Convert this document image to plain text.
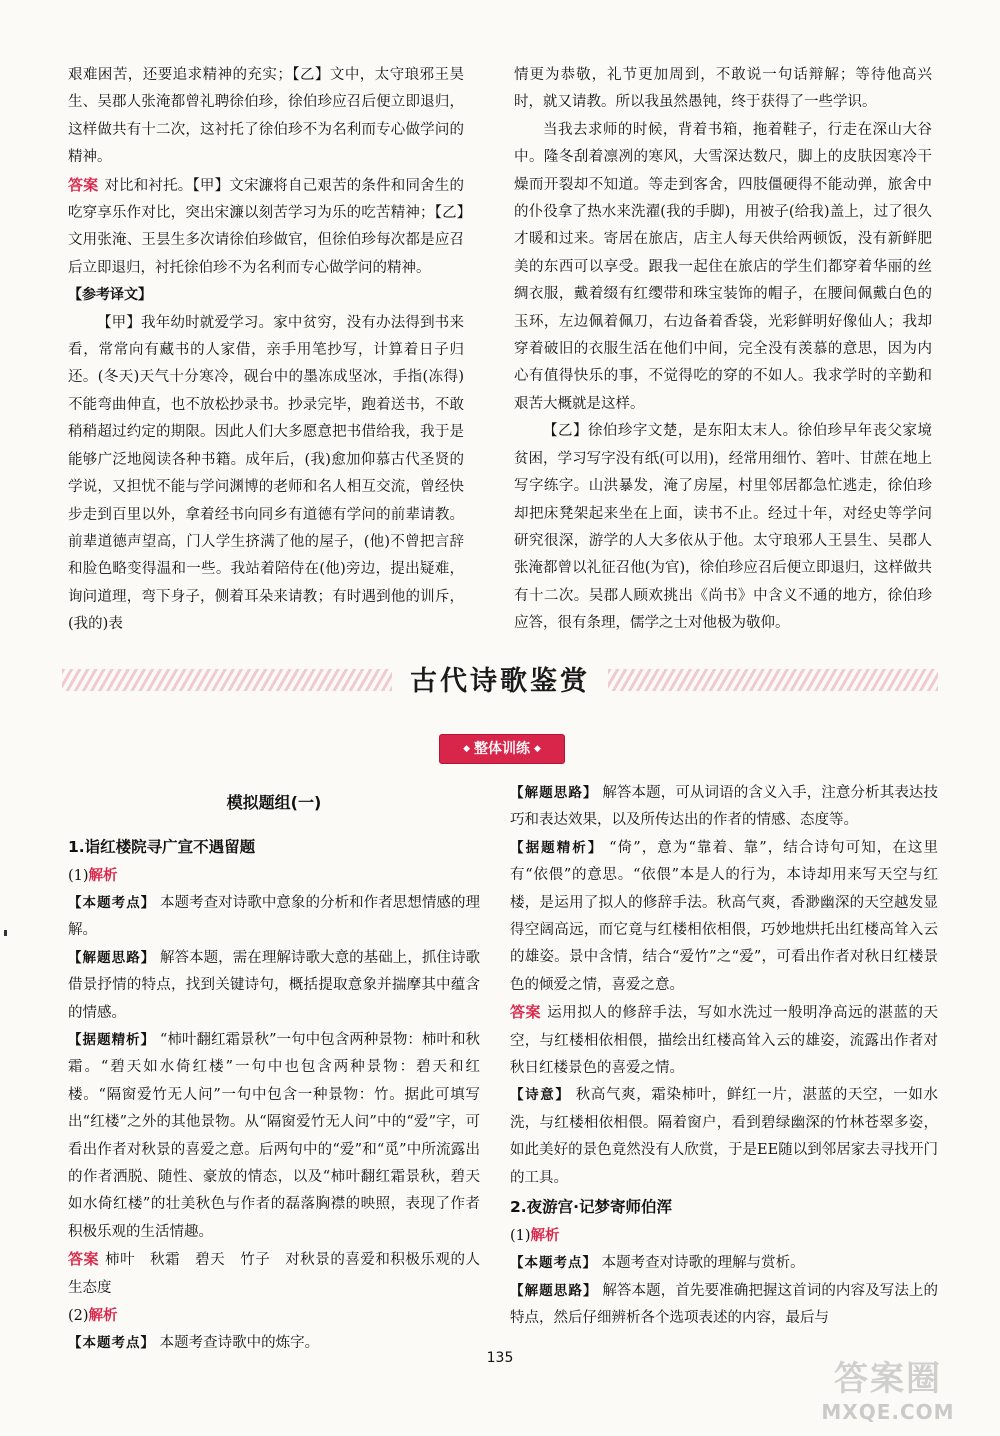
艰难困苦，还要追求精神的充实；【乙】文中，太守琅邪王昊生、吴郡人张淹都曾礼聘徐伯珍，徐伯珍应召后便立即退归，这样做共有十二次，这衬托了徐伯珍不为名利而专心做学问的精神。

答案 对比和衬托。【甲】文宋濂将自己艰苦的条件和同舍生的吃穿享乐作对比，突出宋濂以刻苦学习为乐的吃苦精神；【乙】文用张淹、王昙生多次请徐伯珍做官，但徐伯珍每次都是应召后立即退归，衬托徐伯珍不为名利而专心做学问的精神。

【参考译文】

【甲】我年幼时就爱学习。家中贫穷，没有办法得到书来看，常常向有藏书的人家借，亲手用笔抄写，计算着日子归还。(冬天)天气十分寒冷，砚台中的墨冻成坚冰，手指(冻得)不能弯曲伸直，也不放松抄录书。抄录完毕，跑着送书，不敢稍稍超过约定的期限。因此人们大多愿意把书借给我，我于是能够广泛地阅读各种书籍。成年后，(我)愈加仰慕古代圣贤的学说，又担忧不能与学问渊博的老师和名人相互交流，曾经快步走到百里以外，拿着经书向同乡有道德有学问的前辈请教。前辈道德声望高，门人学生挤满了他的屋子，(他)不曾把言辞和脸色略变得温和一些。我站着陪侍在(他)旁边，提出疑难，询问道理，弯下身子，侧着耳朵来请教；有时遇到他的训斥，(我的)表

情更为恭敬，礼节更加周到，不敢说一句话辩解；等待他高兴时，就又请教。所以我虽然愚钝，终于获得了一些学识。

当我去求师的时候，背着书箱，拖着鞋子，行走在深山大谷中。隆冬刮着凛冽的寒风，大雪深达数尺，脚上的皮肤因寒冷干燥而开裂却不知道。等走到客舍，四肢僵硬得不能动弹，旅舍中的仆役拿了热水来洗濯(我的手脚)，用被子(给我)盖上，过了很久才暖和过来。寄居在旅店，店主人每天供给两顿饭，没有新鲜肥美的东西可以享受。跟我一起住在旅店的学生们都穿着华丽的丝绸衣服，戴着缀有红缨带和珠宝装饰的帽子，在腰间佩戴白色的玉环，左边佩着佩刀，右边备着香袋，光彩鲜明好像仙人；我却穿着破旧的衣服生活在他们中间，完全没有羡慕的意思，因为内心有值得快乐的事，不觉得吃的穿的不如人。我求学时的辛勤和艰苦大概就是这样。

【乙】徐伯珍字文楚，是东阳太末人。徐伯珍早年丧父家境贫困，学习写字没有纸(可以用)，经常用细竹、箬叶、甘蔗在地上写字练字。山洪暴发，淹了房屋，村里邻居都急忙逃走，徐伯珍却把床凳架起来坐在上面，读书不止。经过十年，对经史等学问研究很深，游学的人大多依从于他。太守琅邪人王昙生、吴郡人张淹都曾以礼征召他(为官)，徐伯珍应召后便立即退归，这样做共有十二次。吴郡人顾欢挑出《尚书》中含义不通的地方，徐伯珍应答，很有条理，儒学之士对他极为敬仰。

古代诗歌鉴赏
◆ 整体训练 ◆
模拟题组(一)

1.诣红楼院寻广宣不遇留题

(1)解析

【本题考点】 本题考查对诗歌中意象的分析和作者思想情感的理解。

【解题思路】 解答本题，需在理解诗歌大意的基础上，抓住诗歌借景抒情的特点，找到关键诗句，概括提取意象并揣摩其中蕴含的情感。

【据题精析】 “柿叶翻红霜景秋”一句中包含两种景物：柿叶和秋霜。“碧天如水倚红楼”一句中也包含两种景物：碧天和红楼。“隔窗爱竹无人问”一句中包含一种景物：竹。据此可填写出“红楼”之外的其他景物。从“隔窗爱竹无人问”中的“爱”字，可看出作者对秋景的喜爱之意。后两句中的“爱”和“觅”中所流露出的作者洒脱、随性、豪放的情态，以及“柿叶翻红霜景秋，碧天如水倚红楼”的壮美秋色与作者的磊落胸襟的映照，表现了作者积极乐观的生活情趣。

答案 柿叶　秋霜　碧天　竹子　对秋景的喜爱和积极乐观的人生态度

(2)解析

【本题考点】 本题考查诗歌中的炼字。

【解题思路】 解答本题，可从词语的含义入手，注意分析其表达技巧和表达效果，以及所传达出的作者的情感、态度等。

【据题精析】 “倚”，意为“靠着、靠”，结合诗句可知，在这里有“依偎”的意思。“依偎”本是人的行为，本诗却用来写天空与红楼，是运用了拟人的修辞手法。秋高气爽，香渺幽深的天空越发显得空阔高远，而它竟与红楼相依相偎，巧妙地烘托出红楼高耸入云的雄姿。景中含情，结合“爱竹”之“爱”，可看出作者对秋日红楼景色的倾爱之情，喜爱之意。

答案 运用拟人的修辞手法，写如水洗过一般明净高远的湛蓝的天空，与红楼相依相偎，描绘出红楼高耸入云的雄姿，流露出作者对秋日红楼景色的喜爱之情。

【诗意】 秋高气爽，霜染柿叶，鲜红一片，湛蓝的天空，一如水洗，与红楼相依相偎。隔着窗户，看到碧绿幽深的竹林苍翠多姿，如此美好的景色竟然没有人欣赏，于是EE随以到邻居家去寻找开门的工具。

2.夜游宫·记梦寄师伯浑

(1)解析

【本题考点】 本题考查对诗歌的理解与赏析。

【解题思路】 解答本题，首先要准确把握这首词的内容及写法上的特点，然后仔细辨析各个选项表述的内容，最后与

135
答案圈
MXQE.COM
